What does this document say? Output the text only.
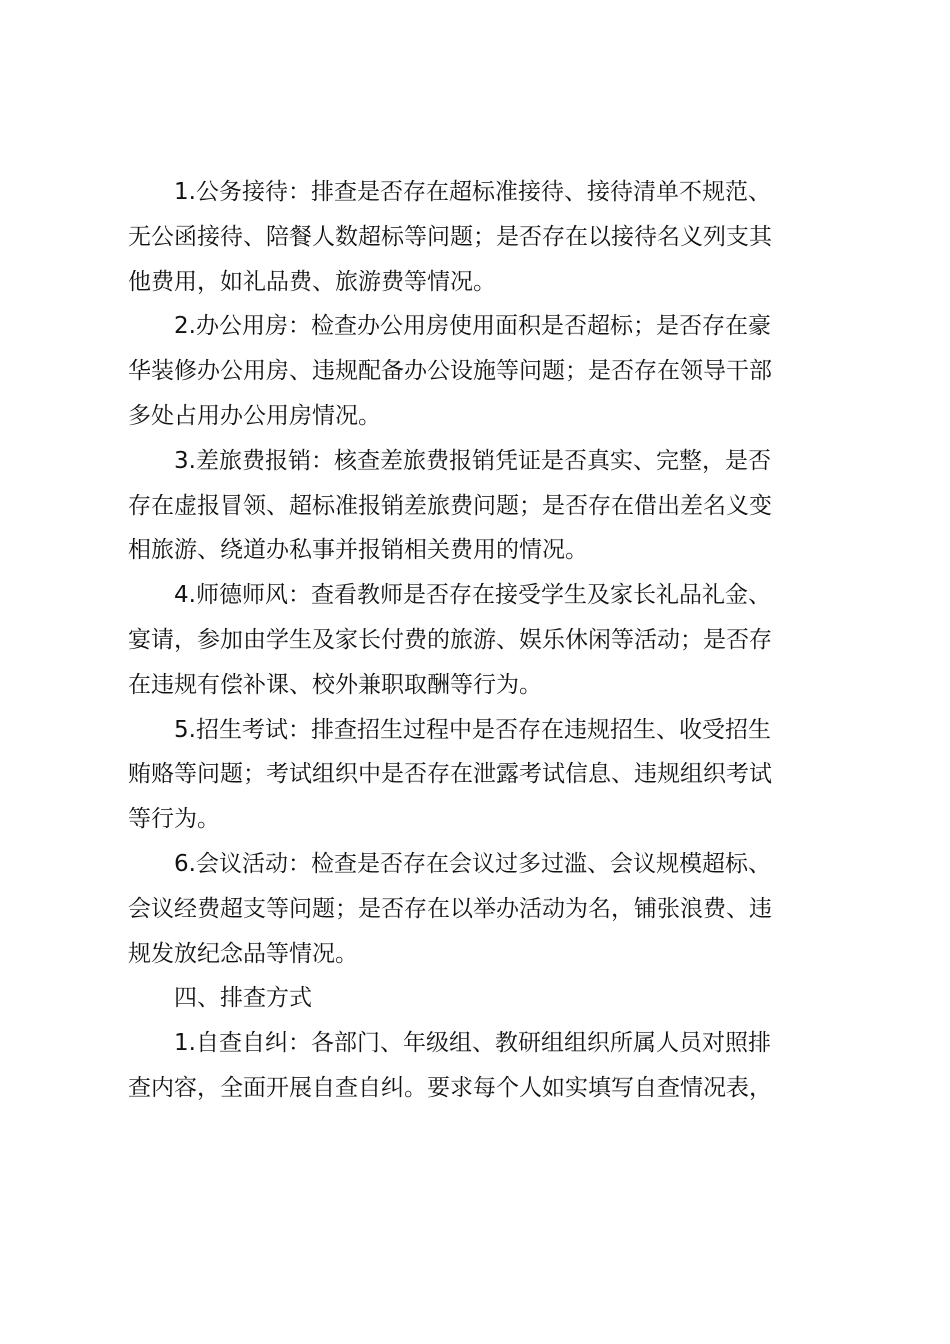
1.公务接待：排查是否存在超标准接待、接待清单不规范、
无公函接待、陪餐人数超标等问题；是否存在以接待名义列支其
他费用，如礼品费、旅游费等情况。
2.办公用房：检查办公用房使用面积是否超标；是否存在豪
华装修办公用房、违规配备办公设施等问题；是否存在领导干部
多处占用办公用房情况。
3.差旅费报销：核查差旅费报销凭证是否真实、完整，是否
存在虚报冒领、超标准报销差旅费问题；是否存在借出差名义变
相旅游、绕道办私事并报销相关费用的情况。
4.师德师风：查看教师是否存在接受学生及家长礼品礼金、
宴请，参加由学生及家长付费的旅游、娱乐休闲等活动；是否存
在违规有偿补课、校外兼职取酬等行为。
5.招生考试：排查招生过程中是否存在违规招生、收受招生
贿赂等问题；考试组织中是否存在泄露考试信息、违规组织考试
等行为。
6.会议活动：检查是否存在会议过多过滥、会议规模超标、
会议经费超支等问题；是否存在以举办活动为名，铺张浪费、违
规发放纪念品等情况。
四、排查方式
1.自查自纠：各部门、年级组、教研组组织所属人员对照排
查内容，全面开展自查自纠。要求每个人如实填写自查情况表，
